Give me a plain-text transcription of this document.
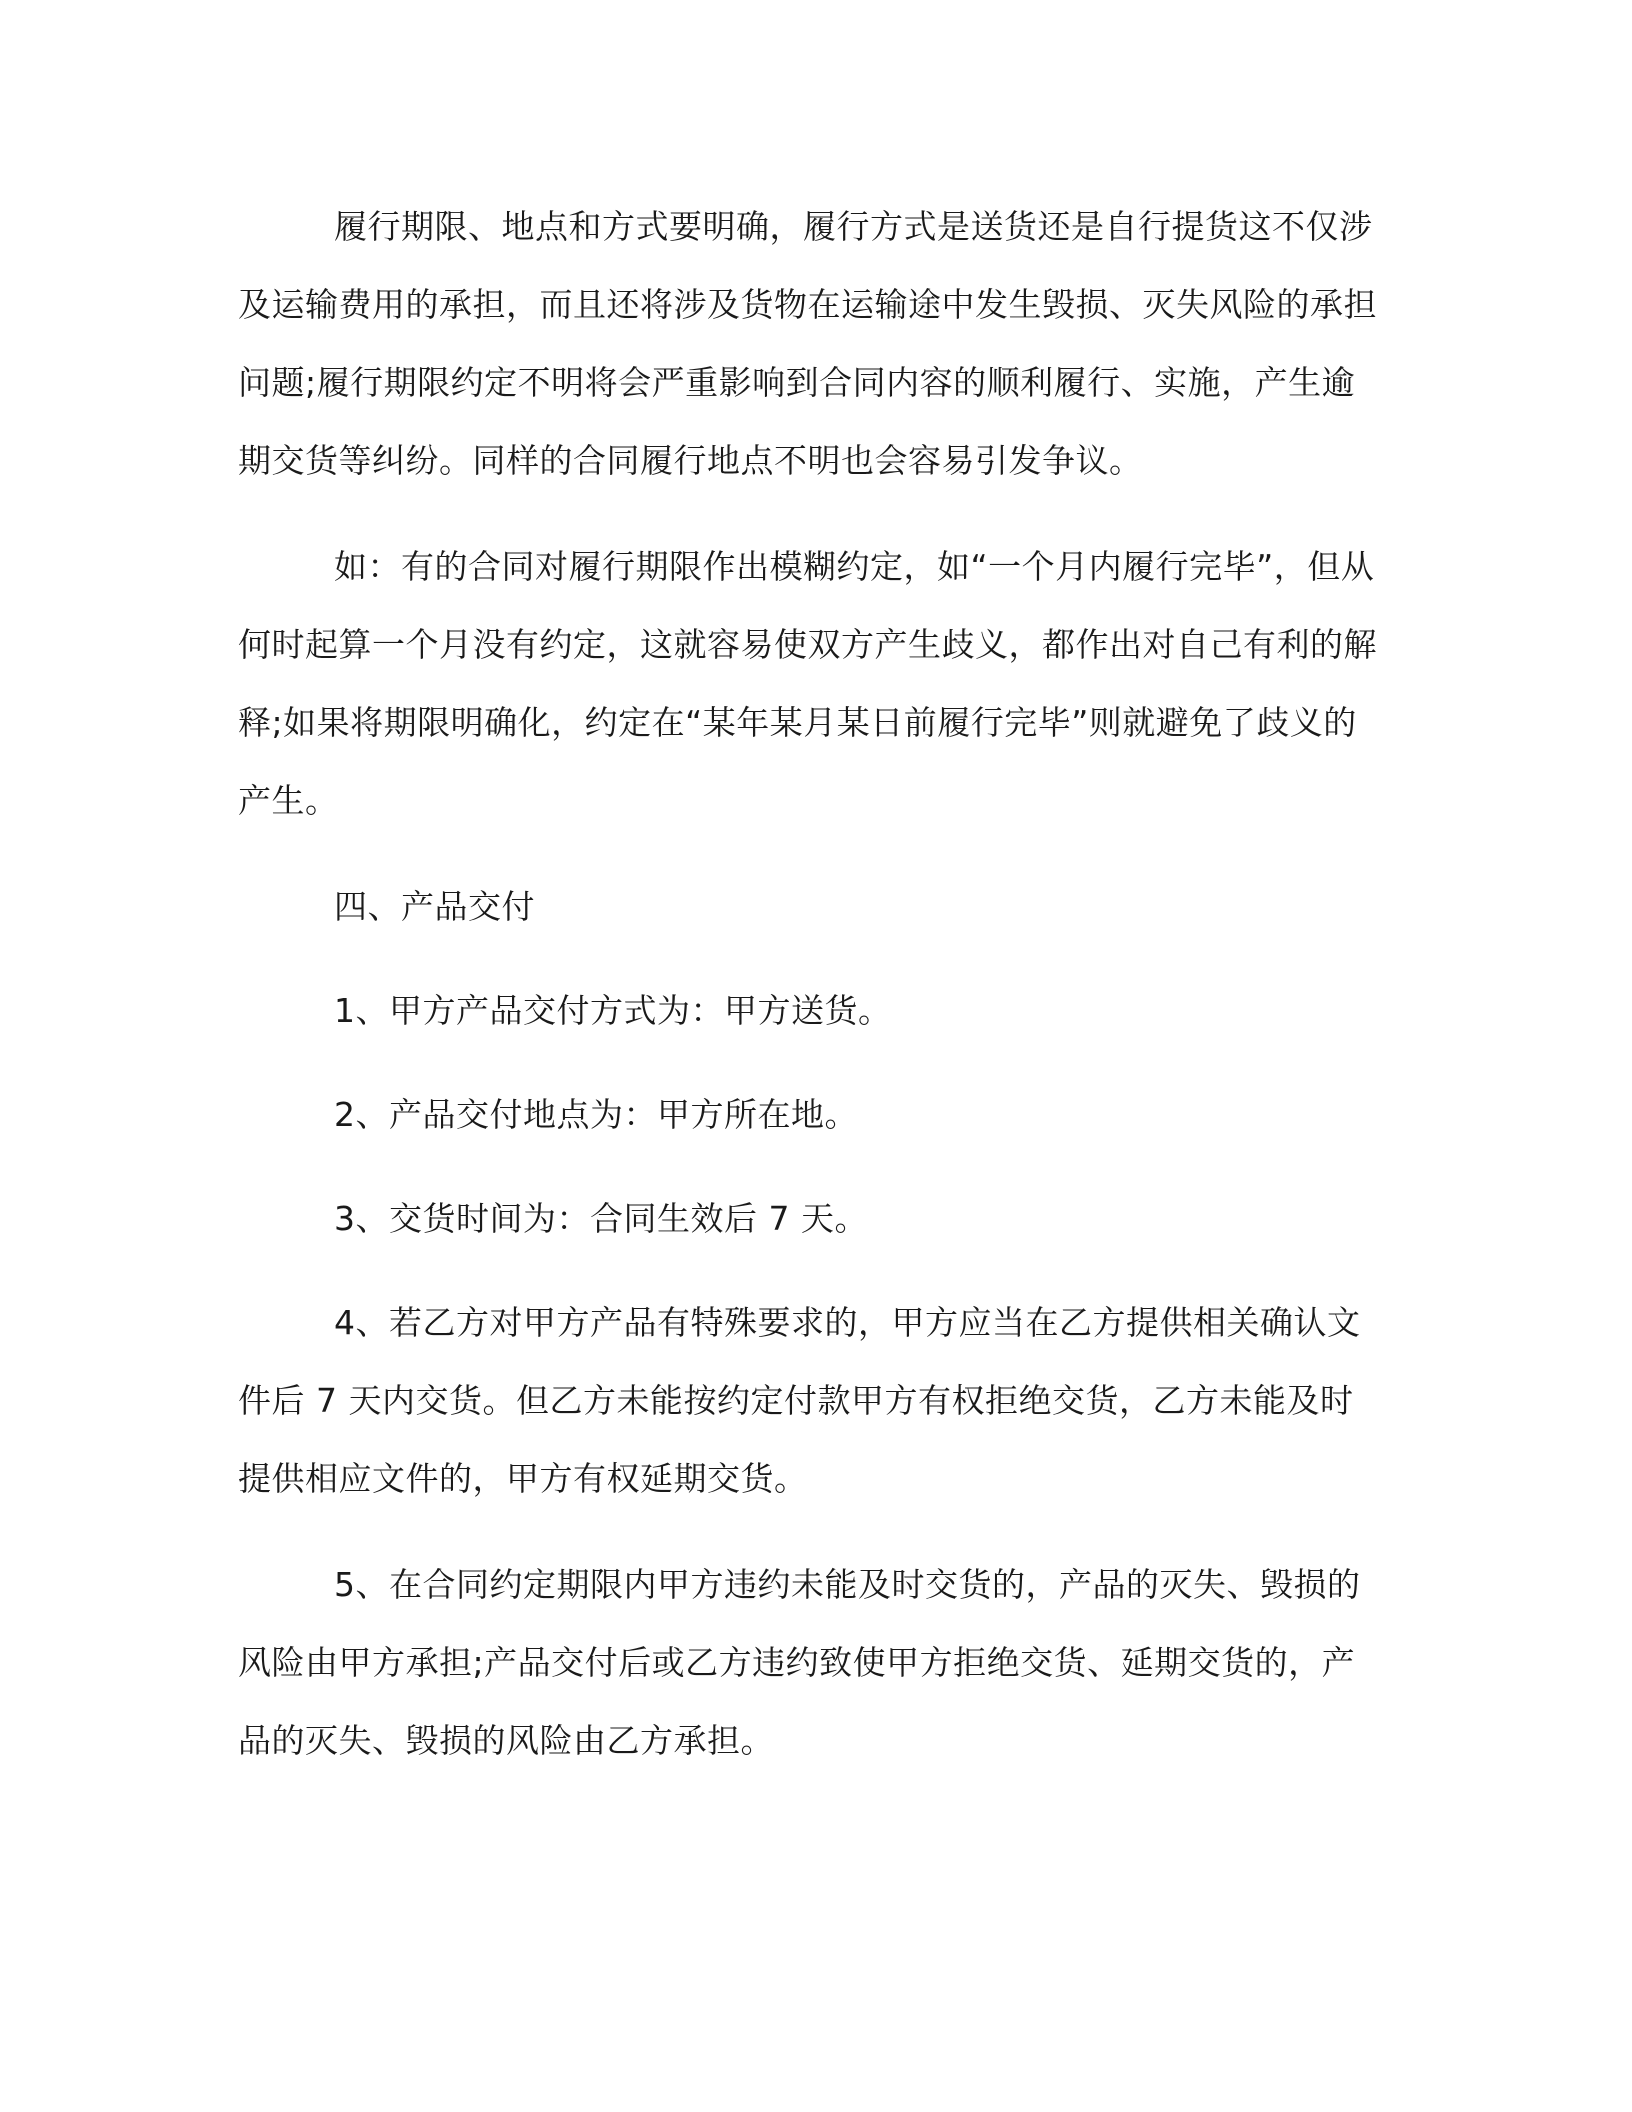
履行期限、地点和方式要明确，履行方式是送货还是自行提货这不仅涉及运输费用的承担，而且还将涉及货物在运输途中发生毁损、灭失风险的承担问题;履行期限约定不明将会严重影响到合同内容的顺利履行、实施，产生逾期交货等纠纷。同样的合同履行地点不明也会容易引发争议。

如：有的合同对履行期限作出模糊约定，如“一个月内履行完毕”，但从何时起算一个月没有约定，这就容易使双方产生歧义，都作出对自己有利的解释;如果将期限明确化，约定在“某年某月某日前履行完毕”则就避免了歧义的产生。

四、产品交付

1、甲方产品交付方式为：甲方送货。

2、产品交付地点为：甲方所在地。

3、交货时间为：合同生效后 7 天。

4、若乙方对甲方产品有特殊要求的，甲方应当在乙方提供相关确认文件后 7 天内交货。但乙方未能按约定付款甲方有权拒绝交货，乙方未能及时提供相应文件的，甲方有权延期交货。

5、在合同约定期限内甲方违约未能及时交货的，产品的灭失、毁损的风险由甲方承担;产品交付后或乙方违约致使甲方拒绝交货、延期交货的，产品的灭失、毁损的风险由乙方承担。
